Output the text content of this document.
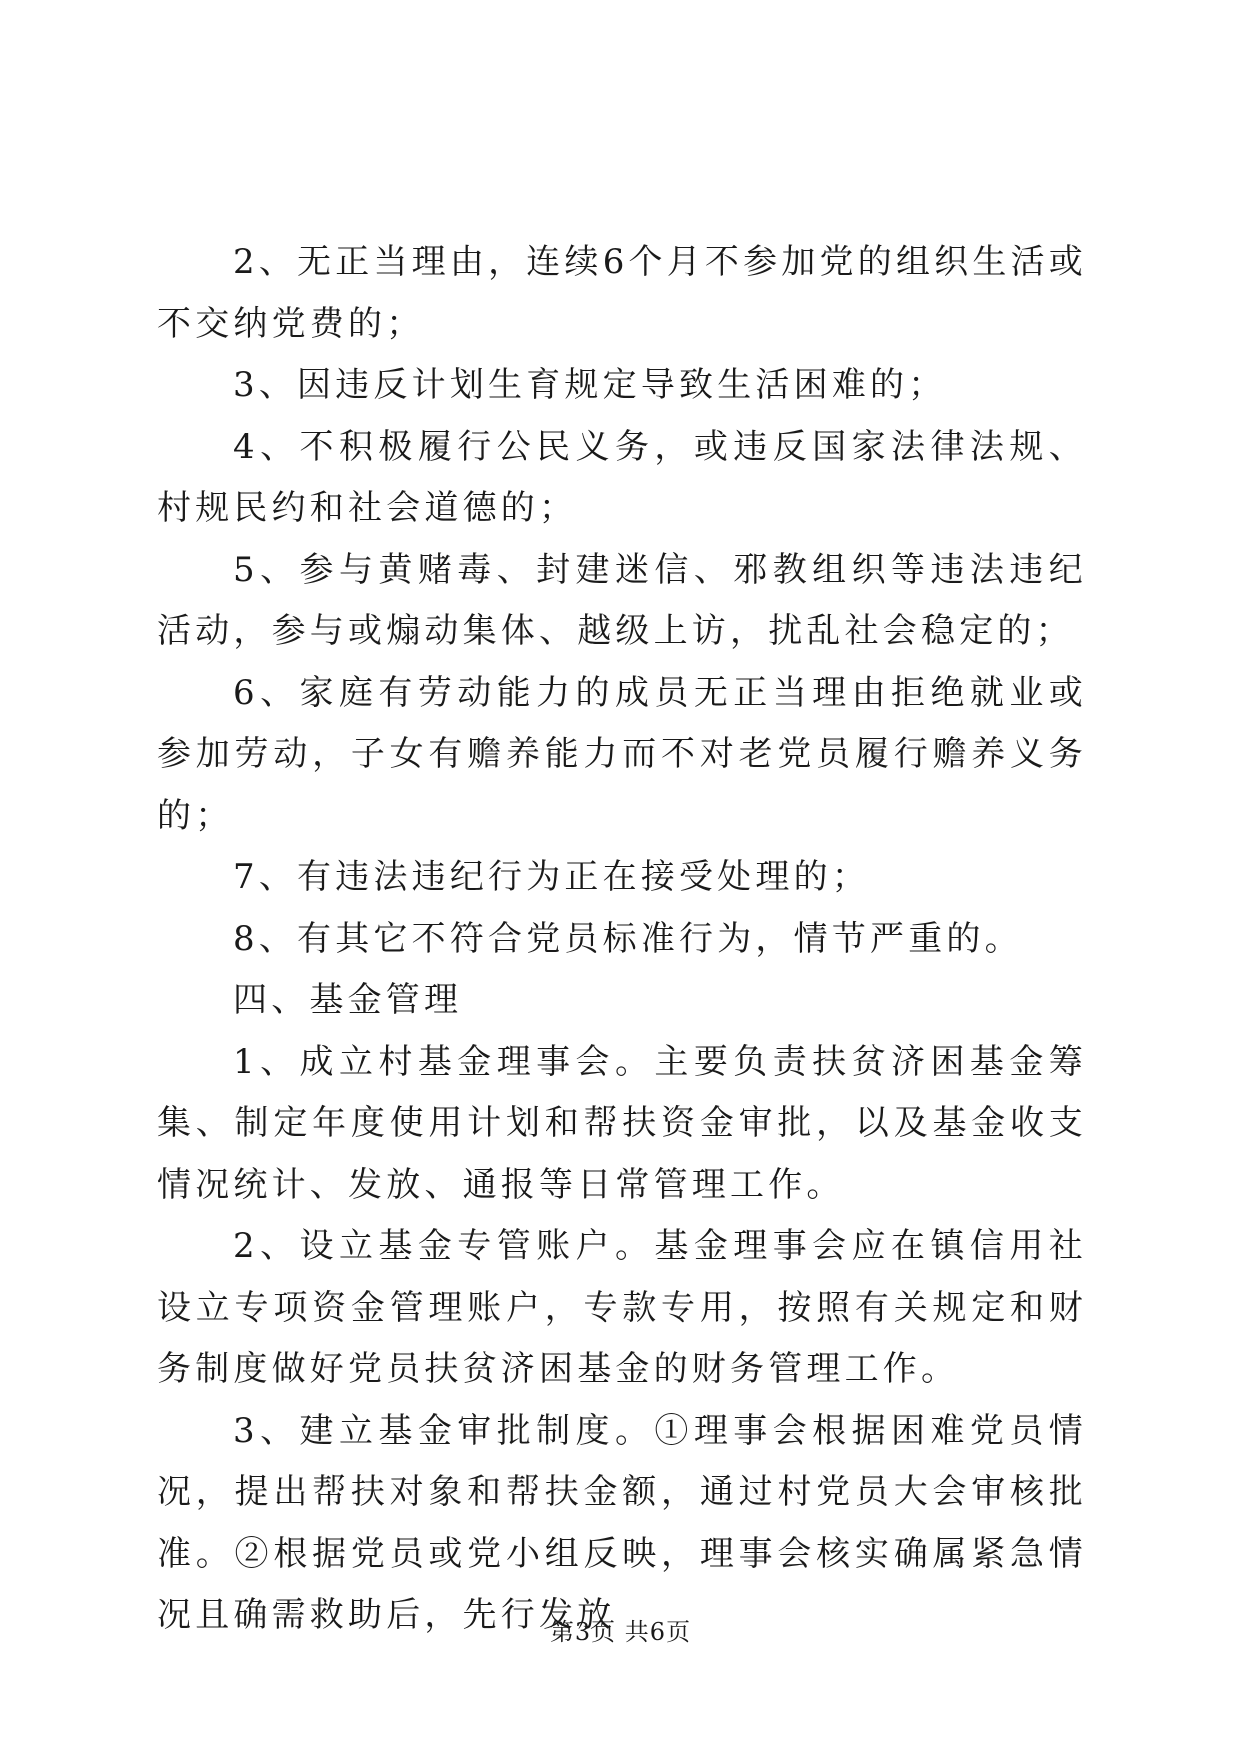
2、无正当理由，连续6个月不参加党的组织生活或不交纳党费的；

3、因违反计划生育规定导致生活困难的；

4、不积极履行公民义务，或违反国家法律法规、村规民约和社会道德的；

5、参与黄赌毒、封建迷信、邪教组织等违法违纪活动，参与或煽动集体、越级上访，扰乱社会稳定的；

6、家庭有劳动能力的成员无正当理由拒绝就业或参加劳动，子女有赡养能力而不对老党员履行赡养义务的；

7、有违法违纪行为正在接受处理的；

8、有其它不符合党员标准行为，情节严重的。

四、基金管理

1、成立村基金理事会。主要负责扶贫济困基金筹集、制定年度使用计划和帮扶资金审批，以及基金收支情况统计、发放、通报等日常管理工作。

2、设立基金专管账户。基金理事会应在镇信用社设立专项资金管理账户，专款专用，按照有关规定和财务制度做好党员扶贫济困基金的财务管理工作。

3、建立基金审批制度。①理事会根据困难党员情况，提出帮扶对象和帮扶金额，通过村党员大会审核批准。②根据党员或党小组反映，理事会核实确属紧急情况且确需救助后，先行发放

第3页 共6页
